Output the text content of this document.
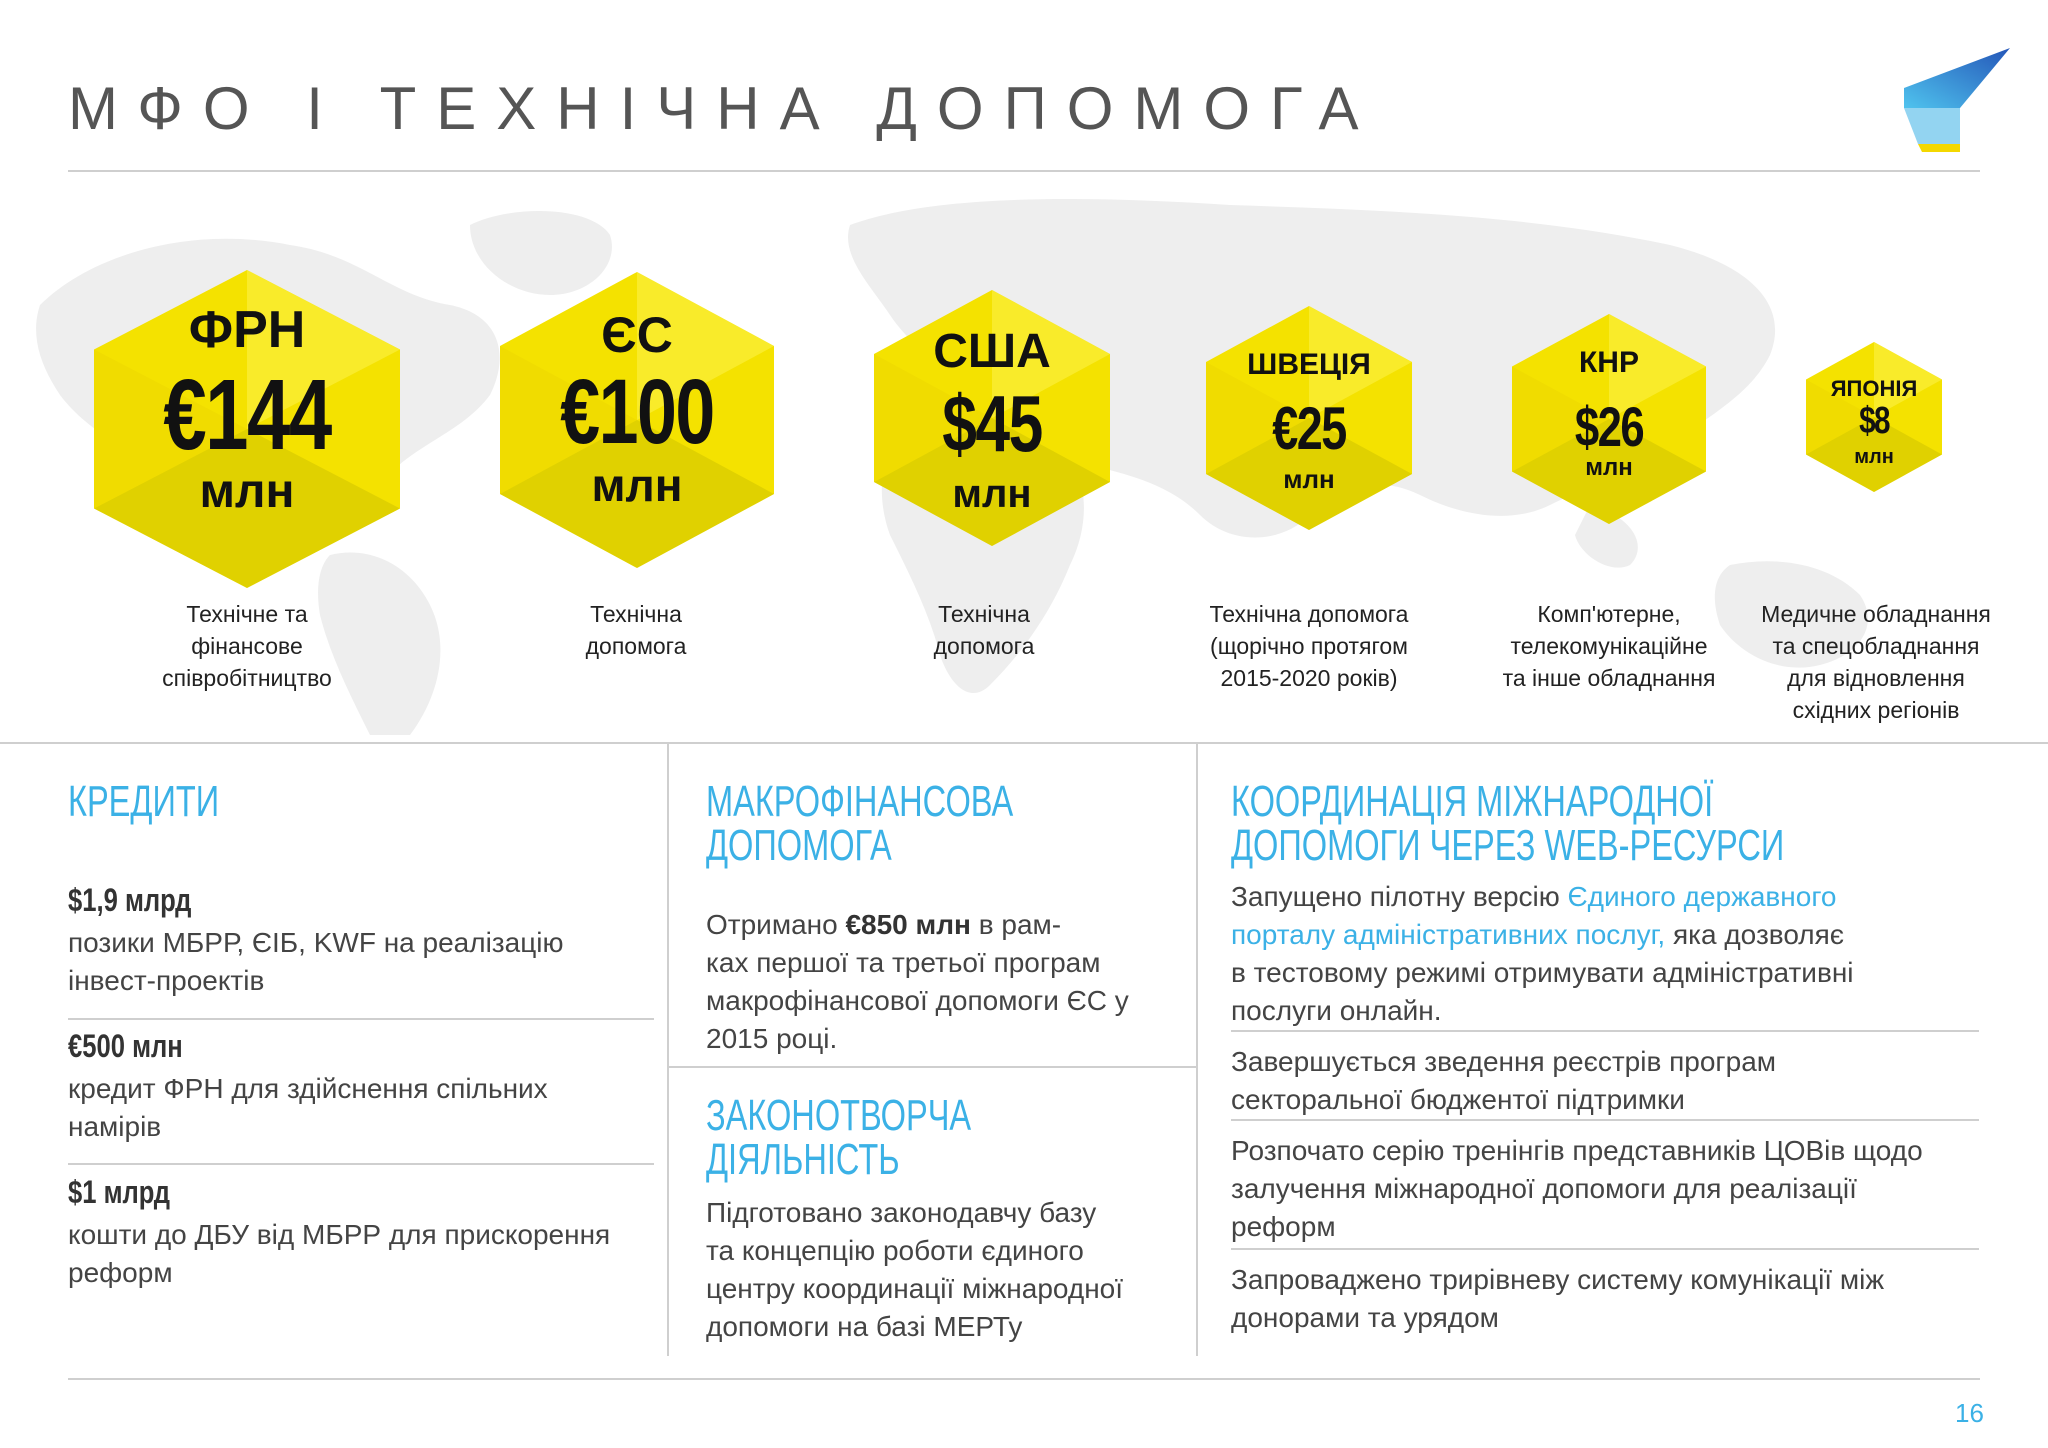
МФО І ТЕХНІЧНА ДОПОМОГА
ФРН
€144
млн
ЄС
€100
млн
США
$45
млн
ШВЕЦІЯ
€25
млн
КНР
$26
млн
ЯПОНІЯ
$8
млн
Технічне та
фінансове
співробітництво
Технічна
допомога
Технічна
допомога
Технічна допомога
(щорічно протягом
2015-2020 років)
Комп'ютерне,
телекомунікаційне
та інше обладнання
Медичне обладнання
та спецобладнання
для відновлення
східних регіонів
КРЕДИТИ
$1,9 млрд
позики МБРР, ЄІБ, KWF на реалізацію
інвест-проектів
€500 млн
кредит ФРН для здійснення спільних
намірів
$1 млрд
кошти до ДБУ від МБРР для прискорення
реформ
МАКРОФІНАНСОВА
ДОПОМОГА
Отримано €850 млн в рам-
ках першої та третьої програм
макрофінансової допомоги ЄС у
2015 році.
ЗАКОНОТВОРЧА
ДІЯЛЬНІСТЬ
Підготовано законодавчу базу
та концепцію роботи єдиного
центру координації міжнародної
допомоги на базі МЕРТу
КООРДИНАЦІЯ МІЖНАРОДНОЇ
ДОПОМОГИ ЧЕРЕЗ WEB-РЕСУРСИ
Запущено пілотну версію Єдиного державного
порталу адміністративних послуг, яка дозволяє
в тестовому режимі отримувати адміністративні
послуги онлайн.
Завершується зведення реєстрів програм
секторальної бюджентої підтримки
Розпочато серію тренінгів представників ЦОВів щодо
залучення міжнародної допомоги для реалізації
реформ
Запроваджено трирівневу систему комунікації між
донорами та урядом
16
